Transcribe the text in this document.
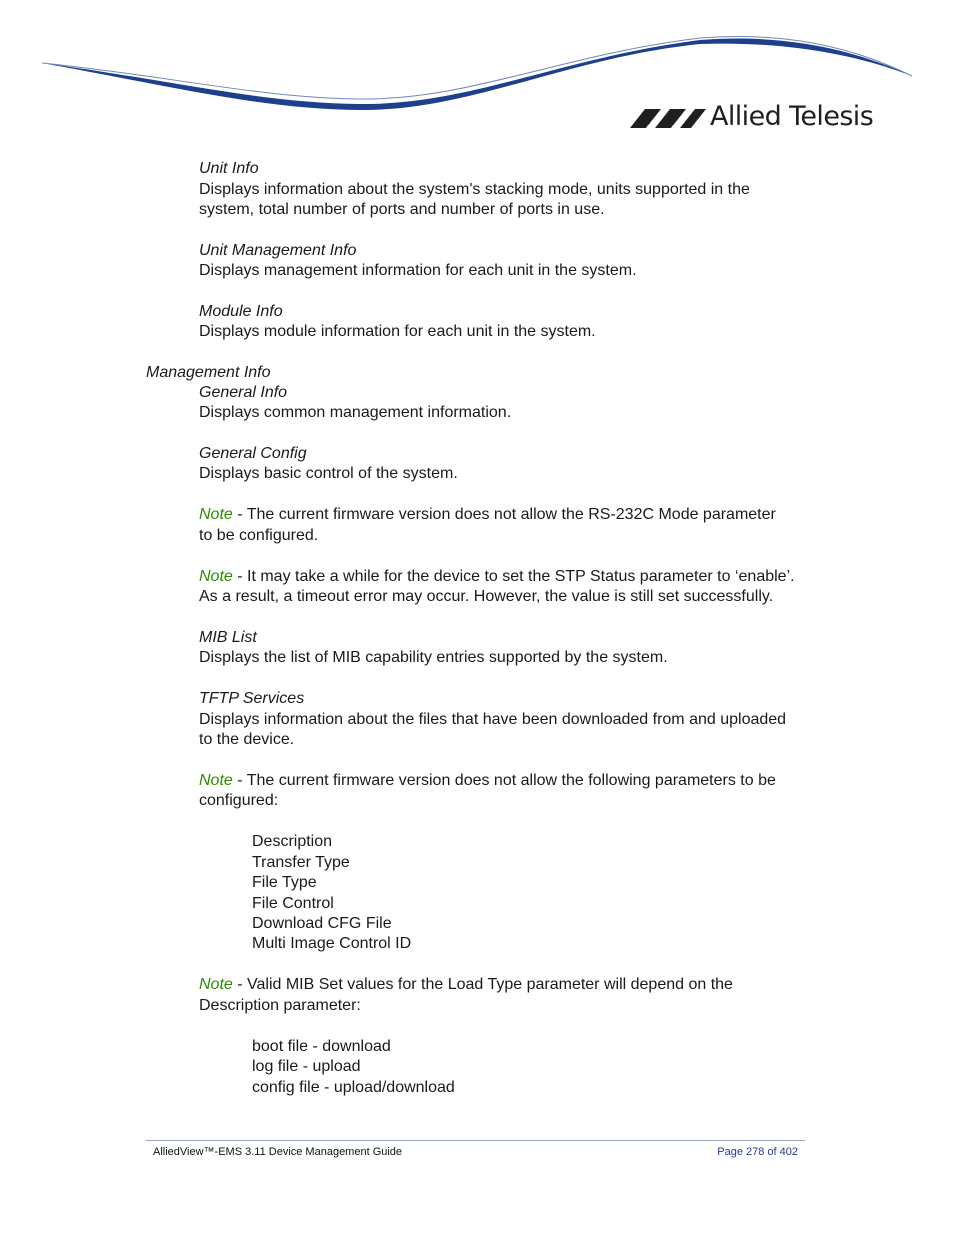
Allied Telesis
Unit Info
Displays information about the system's stacking mode, units supported in the
system, total number of ports and number of ports in use.
Unit Management Info
Displays management information for each unit in the system.
Module Info
Displays module information for each unit in the system.
Management Info
General Info
Displays common management information.
General Config
Displays basic control of the system.
Note - The current firmware version does not allow the RS-232C Mode parameter
to be configured.
Note - It may take a while for the device to set the STP Status parameter to ‘enable’.
As a result, a timeout error may occur. However, the value is still set successfully.
MIB List
Displays the list of MIB capability entries supported by the system.
TFTP Services
Displays information about the files that have been downloaded from and uploaded
to the device.
Note - The current firmware version does not allow the following parameters to be
configured:
Description
Transfer Type
File Type
File Control
Download CFG File
Multi Image Control ID
Note - Valid MIB Set values for the Load Type parameter will depend on the
Description parameter:
boot file - download
log file - upload
config file - upload/download
AlliedView™-EMS 3.11 Device Management Guide	Page 278 of 402
